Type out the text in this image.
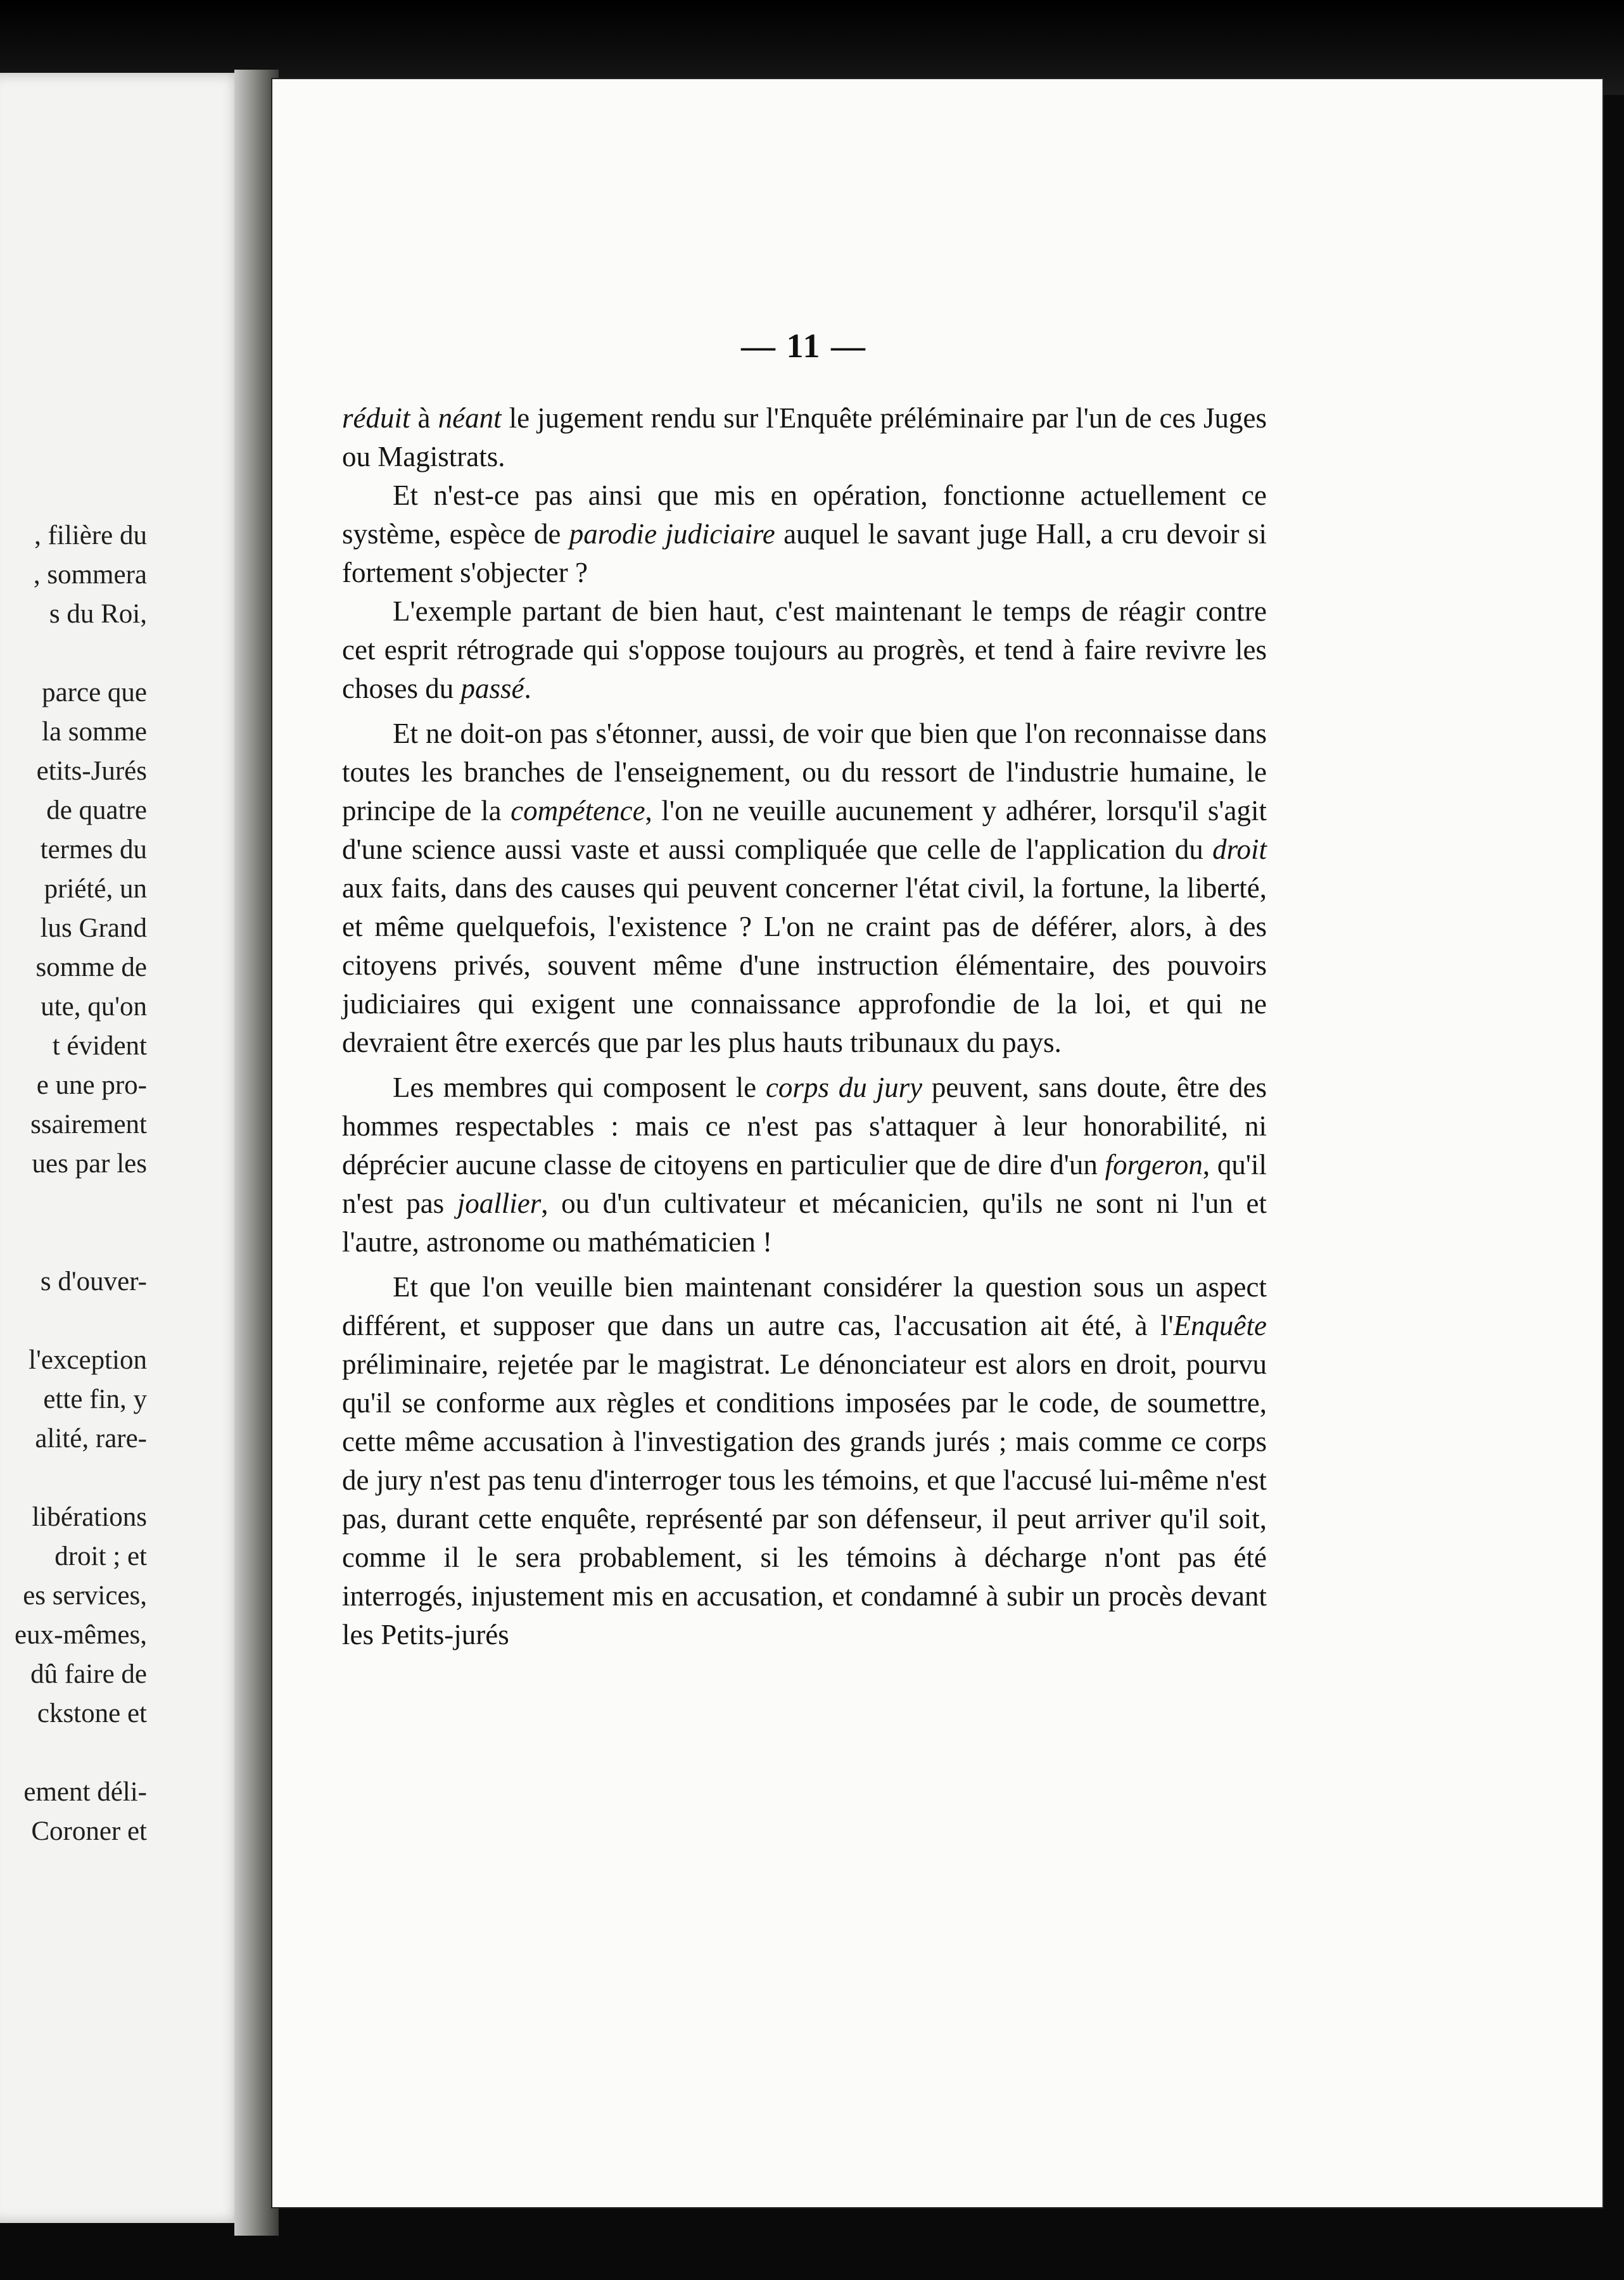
, filière du
, sommera
s du Roi,
parce que
la somme
etits-Jurés
de quatre
termes du
priété, un
lus Grand
somme de
ute, qu'on
t évident
e une pro-
ssairement
ues par les
s d'ouver-
l'exception
ette fin, y
alité, rare-
libérations
droit ; et
es services,
eux-mêmes,
dû faire de
ckstone et
ement déli-
Coroner et
— 11 —

réduit à néant le jugement rendu sur l'Enquête préléminaire par l'un de ces Juges ou Magistrats.

Et n'est-ce pas ainsi que mis en opération, fonctionne actuellement ce système, espèce de parodie judiciaire auquel le savant juge Hall, a cru devoir si fortement s'objecter ?

L'exemple partant de bien haut, c'est maintenant le temps de réagir contre cet esprit rétrograde qui s'oppose toujours au progrès, et tend à faire revivre les choses du passé.

Et ne doit-on pas s'étonner, aussi, de voir que bien que l'on reconnaisse dans toutes les branches de l'enseignement, ou du ressort de l'industrie humaine, le principe de la compétence, l'on ne veuille aucunement y adhérer, lorsqu'il s'agit d'une science aussi vaste et aussi compliquée que celle de l'application du droit aux faits, dans des causes qui peuvent concerner l'état civil, la fortune, la liberté, et même quelquefois, l'existence ? L'on ne craint pas de déférer, alors, à des citoyens privés, souvent même d'une instruction élémentaire, des pouvoirs judiciaires qui exigent une connaissance approfondie de la loi, et qui ne devraient être exercés que par les plus hauts tribunaux du pays.

Les membres qui composent le corps du jury peuvent, sans doute, être des hommes respectables : mais ce n'est pas s'attaquer à leur honorabilité, ni déprécier aucune classe de citoyens en particulier que de dire d'un forgeron, qu'il n'est pas joallier, ou d'un cultivateur et mécanicien, qu'ils ne sont ni l'un et l'autre, astronome ou mathématicien !

Et que l'on veuille bien maintenant considérer la question sous un aspect différent, et supposer que dans un autre cas, l'accusation ait été, à l'Enquête préliminaire, rejetée par le magistrat. Le dénonciateur est alors en droit, pourvu qu'il se conforme aux règles et conditions imposées par le code, de soumettre, cette même accusation à l'investigation des grands jurés ; mais comme ce corps de jury n'est pas tenu d'interroger tous les témoins, et que l'accusé lui-même n'est pas, durant cette enquête, représenté par son défenseur, il peut arriver qu'il soit, comme il le sera probablement, si les témoins à décharge n'ont pas été interrogés, injustement mis en accusation, et condamné à subir un procès devant les Petits-jurés
